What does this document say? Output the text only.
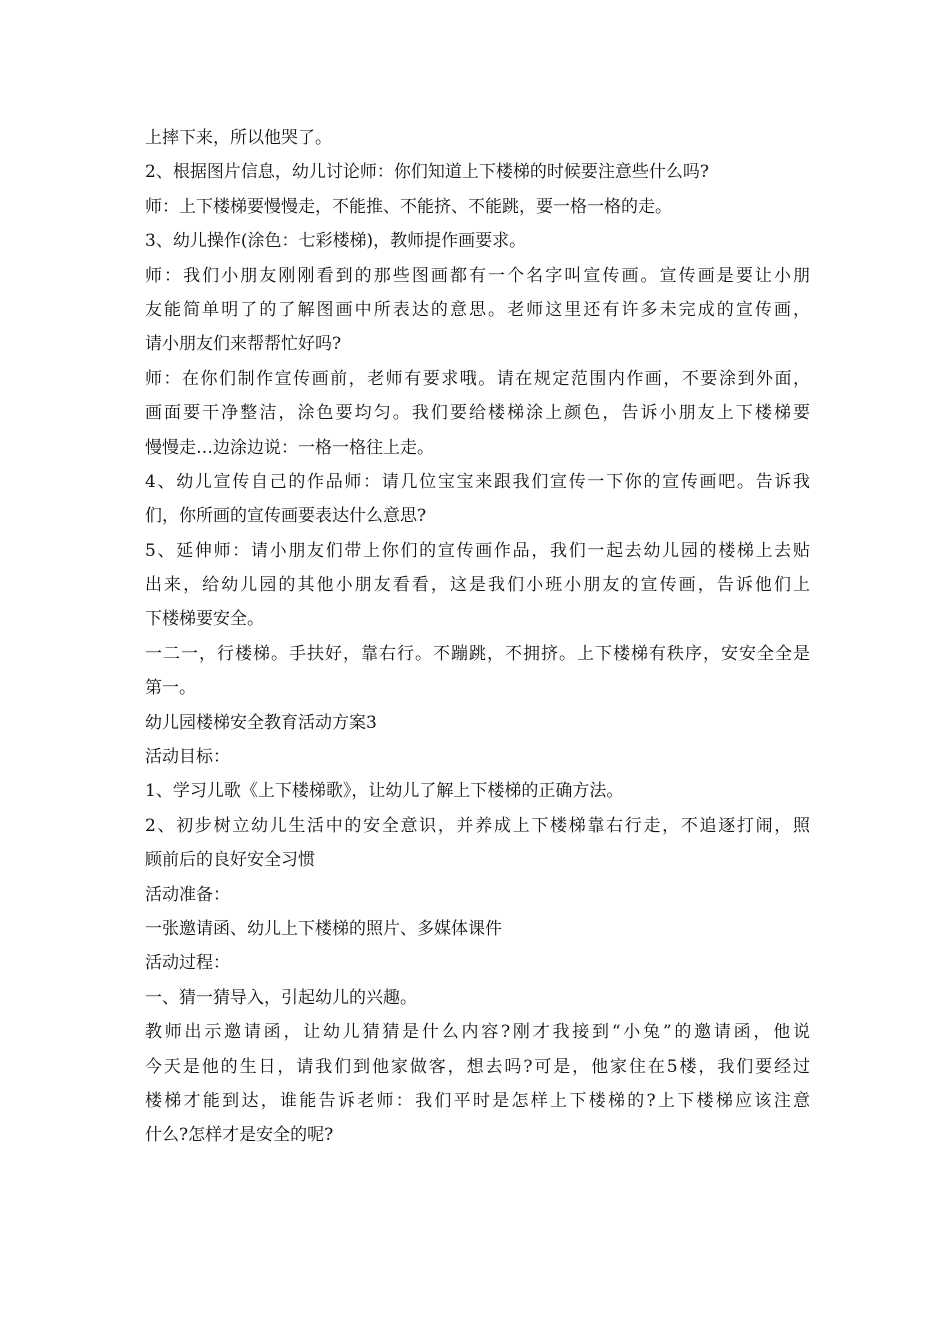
上摔下来，所以他哭了。
2、根据图片信息，幼儿讨论师：你们知道上下楼梯的时候要注意些什么吗?
师：上下楼梯要慢慢走，不能推、不能挤、不能跳，要一格一格的走。
3、幼儿操作(涂色：七彩楼梯)，教师提作画要求。
师：我们小朋友刚刚看到的那些图画都有一个名字叫宣传画。宣传画是要让小朋
友能简单明了的了解图画中所表达的意思。老师这里还有许多未完成的宣传画，
请小朋友们来帮帮忙好吗?
师：在你们制作宣传画前，老师有要求哦。请在规定范围内作画，不要涂到外面，
画面要干净整洁，涂色要均匀。我们要给楼梯涂上颜色，告诉小朋友上下楼梯要
慢慢走…边涂边说：一格一格往上走。
4、幼儿宣传自己的作品师：请几位宝宝来跟我们宣传一下你的宣传画吧。告诉我
们，你所画的宣传画要表达什么意思?
5、延伸师：请小朋友们带上你们的宣传画作品，我们一起去幼儿园的楼梯上去贴
出来，给幼儿园的其他小朋友看看，这是我们小班小朋友的宣传画，告诉他们上
下楼梯要安全。
一二一，行楼梯。手扶好，靠右行。不蹦跳，不拥挤。上下楼梯有秩序，安安全全是
第一。
幼儿园楼梯安全教育活动方案3
活动目标：
1、学习儿歌《上下楼梯歌》，让幼儿了解上下楼梯的正确方法。
2、初步树立幼儿生活中的安全意识，并养成上下楼梯靠右行走，不追逐打闹，照
顾前后的良好安全习惯
活动准备：
一张邀请函、幼儿上下楼梯的照片、多媒体课件
活动过程：
一、猜一猜导入，引起幼儿的兴趣。
教师出示邀请函，让幼儿猜猜是什么内容?刚才我接到“小兔”的邀请函，他说
今天是他的生日，请我们到他家做客，想去吗?可是，他家住在5楼，我们要经过
楼梯才能到达，谁能告诉老师：我们平时是怎样上下楼梯的?上下楼梯应该注意
什么?怎样才是安全的呢?
